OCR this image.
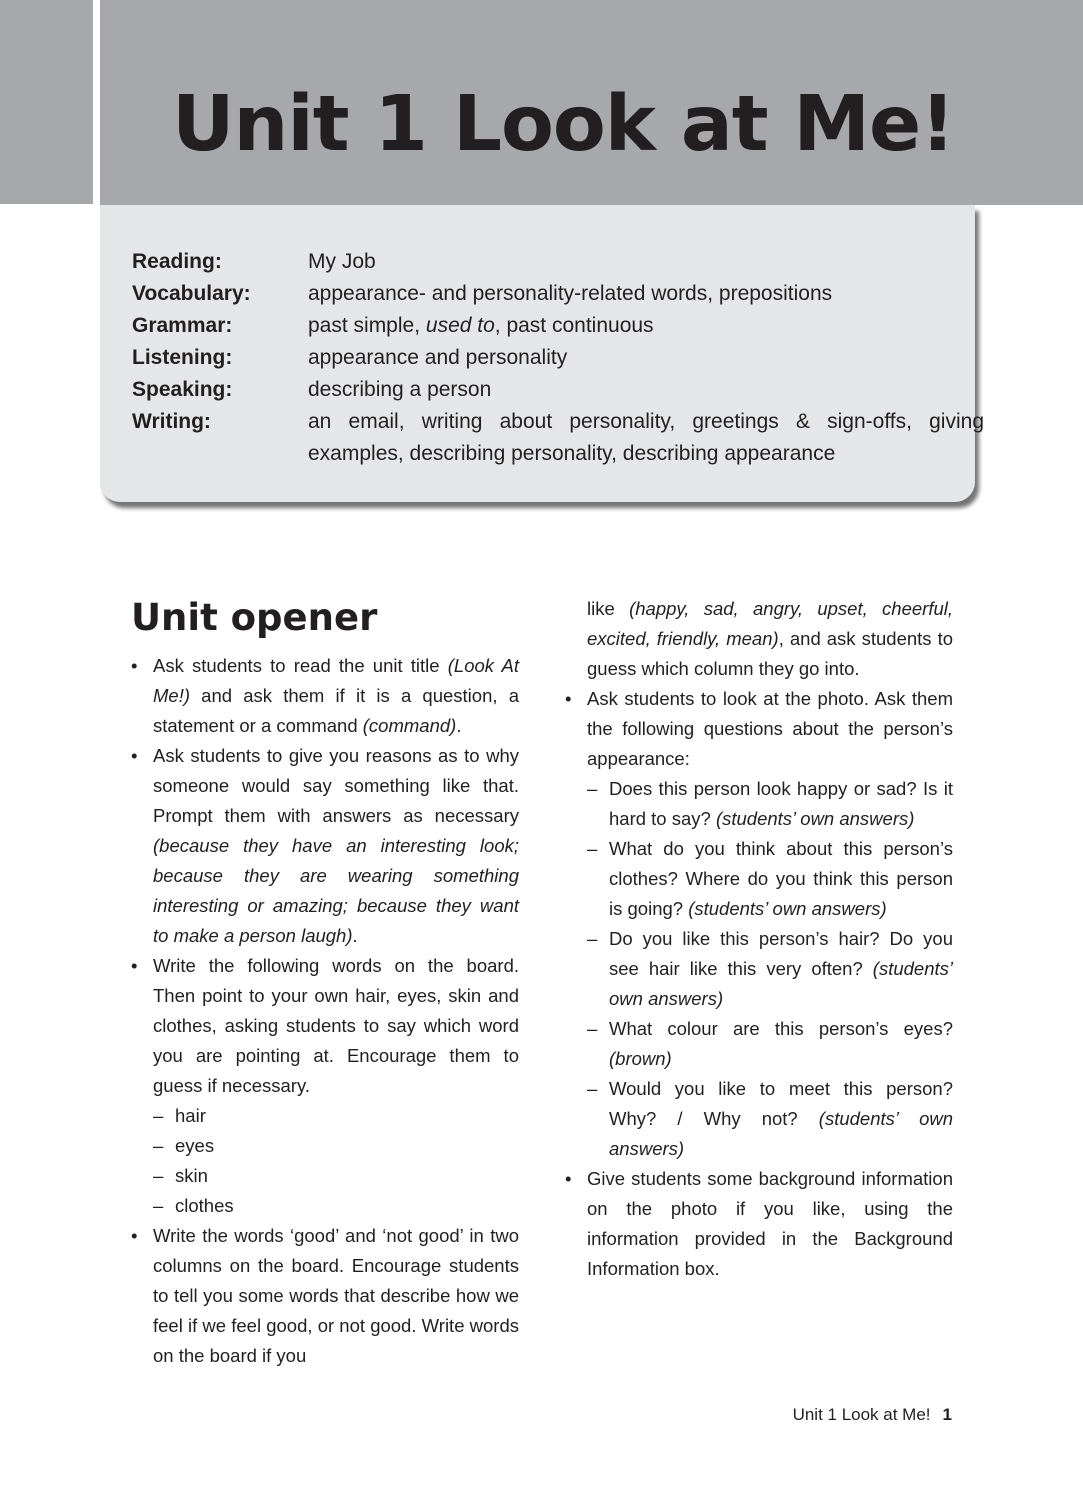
Unit 1 Look at Me!
Reading:	My Job
Vocabulary:	appearance- and personality-related words, prepositions
Grammar:	past simple, used to, past continuous
Listening:	appearance and personality
Speaking:	describing a person
Writing:	an email, writing about personality, greetings & sign-offs, giving examples, describing personality, describing appearance
Unit opener
• Ask students to read the unit title (Look At Me!) and ask them if it is a question, a statement or a command (command).
• Ask students to give you reasons as to why someone would say something like that. Prompt them with answers as necessary (because they have an interesting look; because they are wearing something interesting or amazing; because they want to make a person laugh).
• Write the following words on the board. Then point to your own hair, eyes, skin and clothes, asking students to say which word you are pointing at. Encourage them to guess if necessary.
– hair
– eyes
– skin
– clothes
• Write the words ‘good’ and ‘not good’ in two columns on the board. Encourage students to tell you some words that describe how we feel if we feel good, or not good. Write words on the board if you
like (happy, sad, angry, upset, cheerful, excited, friendly, mean), and ask students to guess which column they go into.
• Ask students to look at the photo. Ask them the following questions about the person’s appearance:
– Does this person look happy or sad? Is it hard to say? (students’ own answers)
– What do you think about this person’s clothes? Where do you think this person is going? (students’ own answers)
– Do you like this person’s hair? Do you see hair like this very often? (students’ own answers)
– What colour are this person’s eyes? (brown)
– Would you like to meet this person? Why? / Why not? (students’ own answers)
• Give students some background information on the photo if you like, using the information provided in the Background Information box.
Unit 1 Look at Me! 1
